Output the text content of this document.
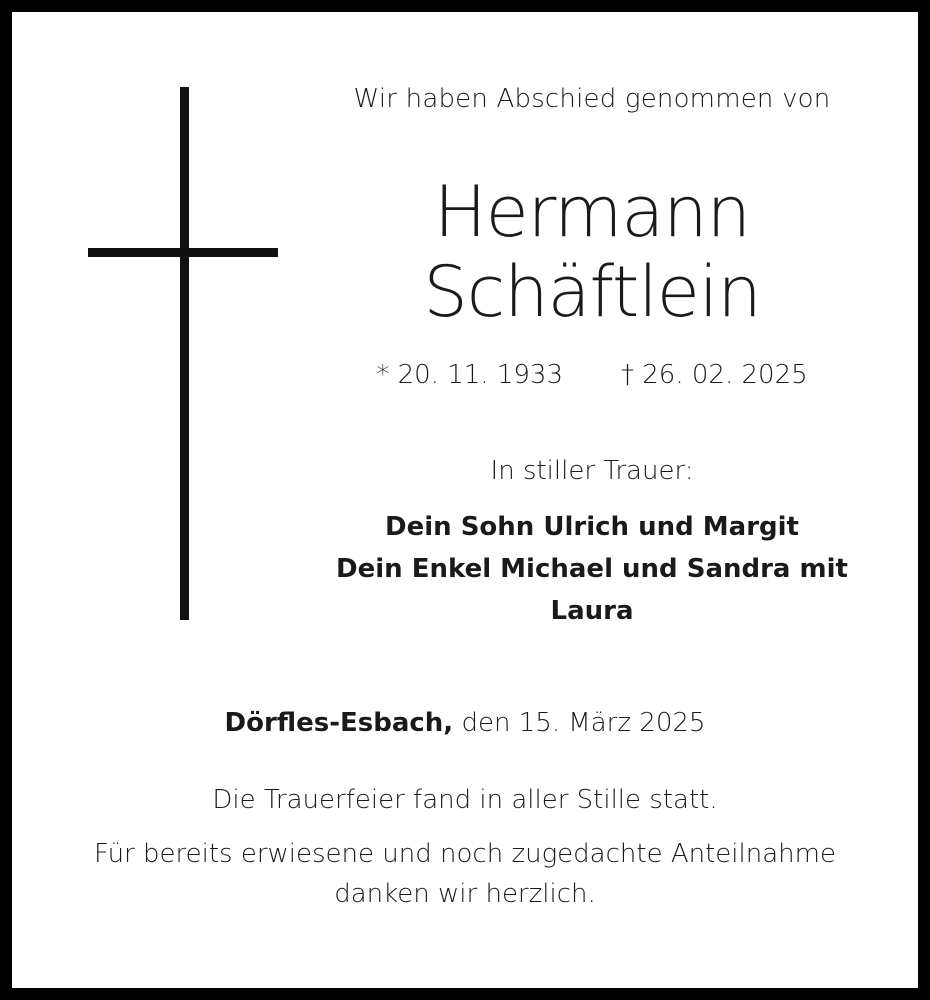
Wir haben Abschied genommen von
Hermann
Schäftlein
* 20. 11. 1933 † 26. 02. 2025
In stiller Trauer:
Dein Sohn Ulrich und Margit
Dein Enkel Michael und Sandra mit
Laura
Dörfles-Esbach, den 15. März 2025
Die Trauerfeier fand in aller Stille statt.
Für bereits erwiesene und noch zugedachte Anteilnahme
danken wir herzlich.
